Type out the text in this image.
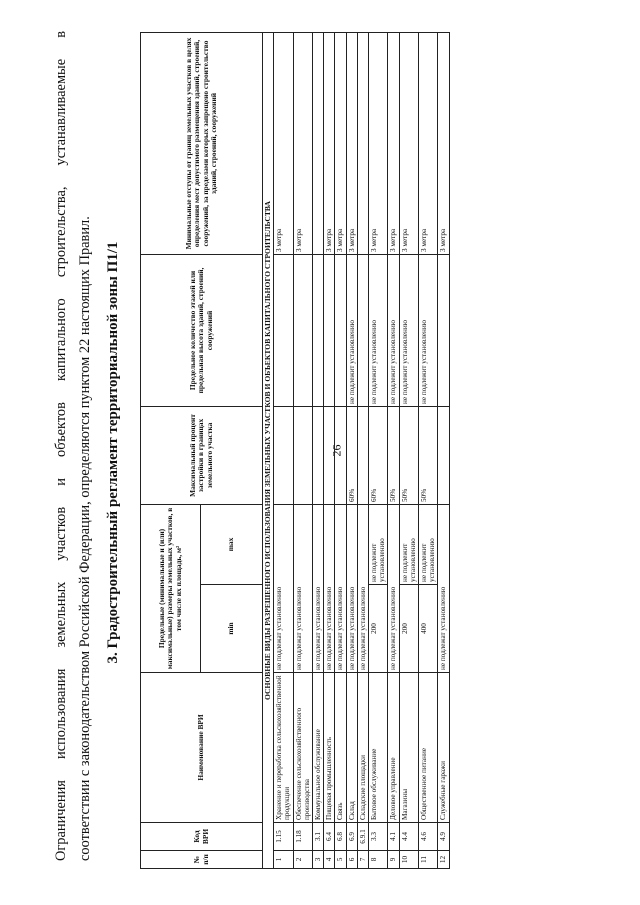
26
Ограничения использования земельных участков и объектов капитального строительства, устанавливаемые в соответствии с законодательством Российской Федерации, определяются пунктом 22 настоящих Правил. 3. Градостроительный регламент территориальной зоны П1/1
№ п/п	Код ВРИ	Наименование ВРИ	Предельные (минимальные и (или) максимальные) размеры земельных участков, в том числе их площадь, м²		Максимальный процент застройки в границах земельного участка	Предельное количество этажей или предельная высота зданий, строений, сооружений	Минимальные отступы от границ земельных участков в целях определения мест допустимого размещения зданий, строений, сооружений, за пределами которых запрещено строительство зданий, строений, сооружений
			min	max			
ОСНОВНЫЕ ВИДЫ РАЗРЕШЕННОГО ИСПОЛЬЗОВАНИЯ ЗЕМЕЛЬНЫХ УЧАСТКОВ И ОБЪЕКТОВ КАПИТАЛЬНОГО СТРОИТЕЛЬСТВА							
1	1.15	Хранение и переработка сельскохозяйственной продукции	не подлежат установлению				3 метра
2	1.18	Обеспечение сельскохозяйственного производства	не подлежат установлению				3 метра
3	3.1	Коммунальное обслуживание	не подлежат установлению				
4	6.4	Пищевая промышленность	не подлежат установлению				3 метра
5	6.8	Связь	не подлежат установлению				3 метра
6	6.9	Склад	не подлежат установлению		60%	не подлежит установлению	3 метра
7	6.9.1	Складские площадки	не подлежат установлению				
8	3.3	Бытовое обслуживание	200	не подлежит установлению	60%	не подлежит установлению	3 метра
9	4.1	Деловое управление	не подлежат установлению		50%	не подлежит установлению	3 метра
10	4.4	Магазины	200	не подлежит установлению	50%	не подлежит установлению	3 метра
11	4.6	Общественное питание	400	не подлежит установлению	50%	не подлежит установлению	3 метра
12	4.9	Служебные гаражи	не подлежат установлению				3 метра
